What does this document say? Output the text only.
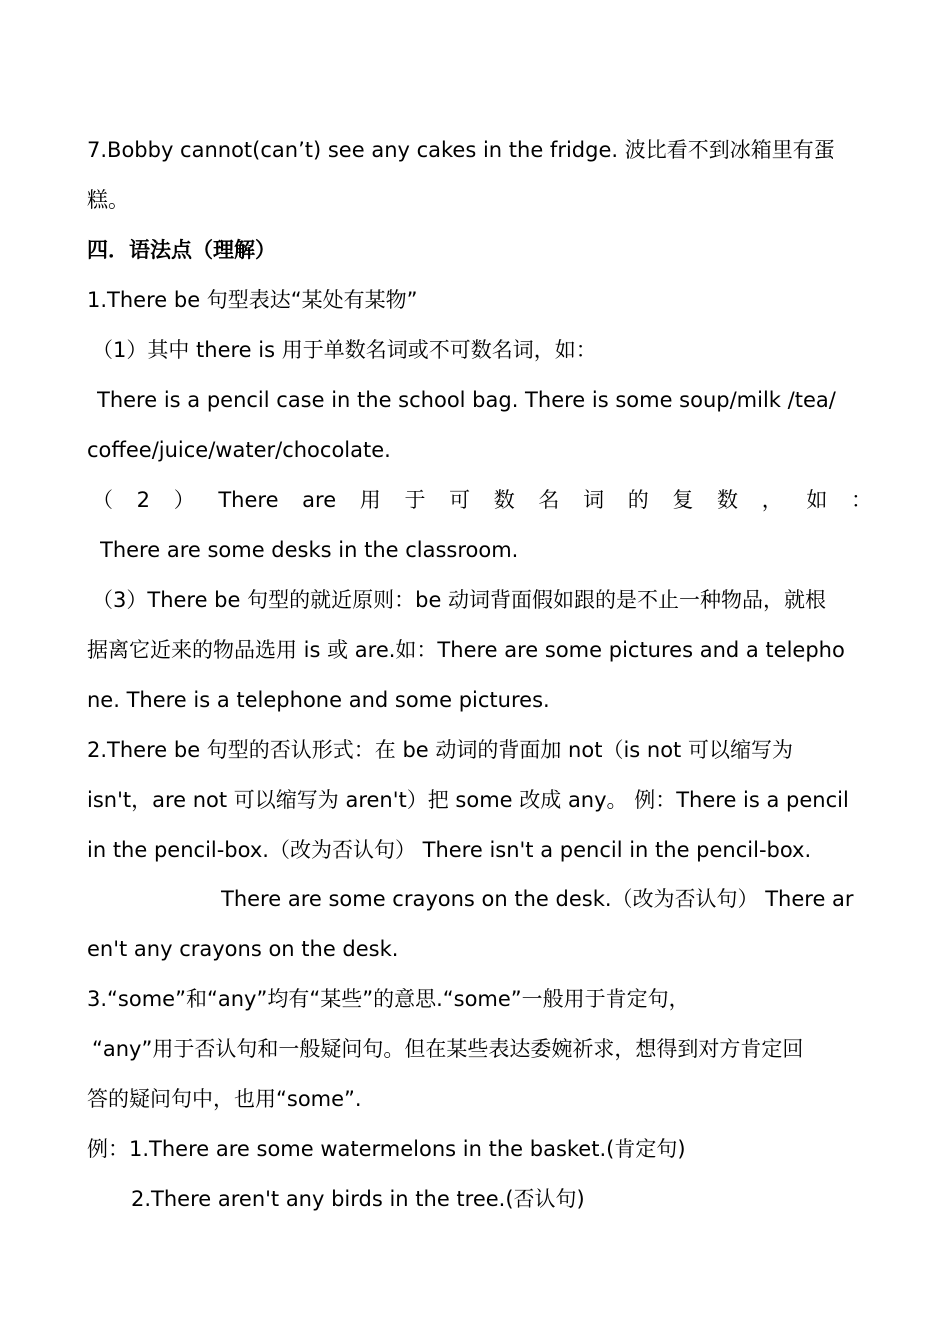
7.Bobby cannot(can’t) see any cakes in the fridge. 波比看不到冰箱里有蛋
糕。
四．语法点（理解）
1.There be 句型表达“某处有某物”
（1）其中 there is 用于单数名词或不可数名词，如：
There is a pencil case in the school bag. There is some soup/milk /tea/
coffee/juice/water/chocolate.
（ 2 ） There are 用 于 可 数 名 词 的 复 数 ， 如 ：
There are some desks in the classroom.
（3）There be 句型的就近原则：be 动词背面假如跟的是不止一种物品，就根
据离它近来的物品选用 is 或 are.如：There are some pictures and a telepho
ne. There is a telephone and some pictures.
2.There be 句型的否认形式：在 be 动词的背面加 not（is not 可以缩写为
isn't，are not 可以缩写为 aren't）把 some 改成 any。 例：There is a pencil
in the pencil-box.（改为否认句） There isn't a pencil in the pencil-box.
There are some crayons on the desk.（改为否认句） There ar
en't any crayons on the desk.
3.“some”和“any”均有“某些”的意思.“some”一般用于肯定句，
“any”用于否认句和一般疑问句。但在某些表达委婉祈求，想得到对方肯定回
答的疑问句中，也用“some”.
例：1.There are some watermelons in the basket.(肯定句)
2.There aren't any birds in the tree.(否认句)
